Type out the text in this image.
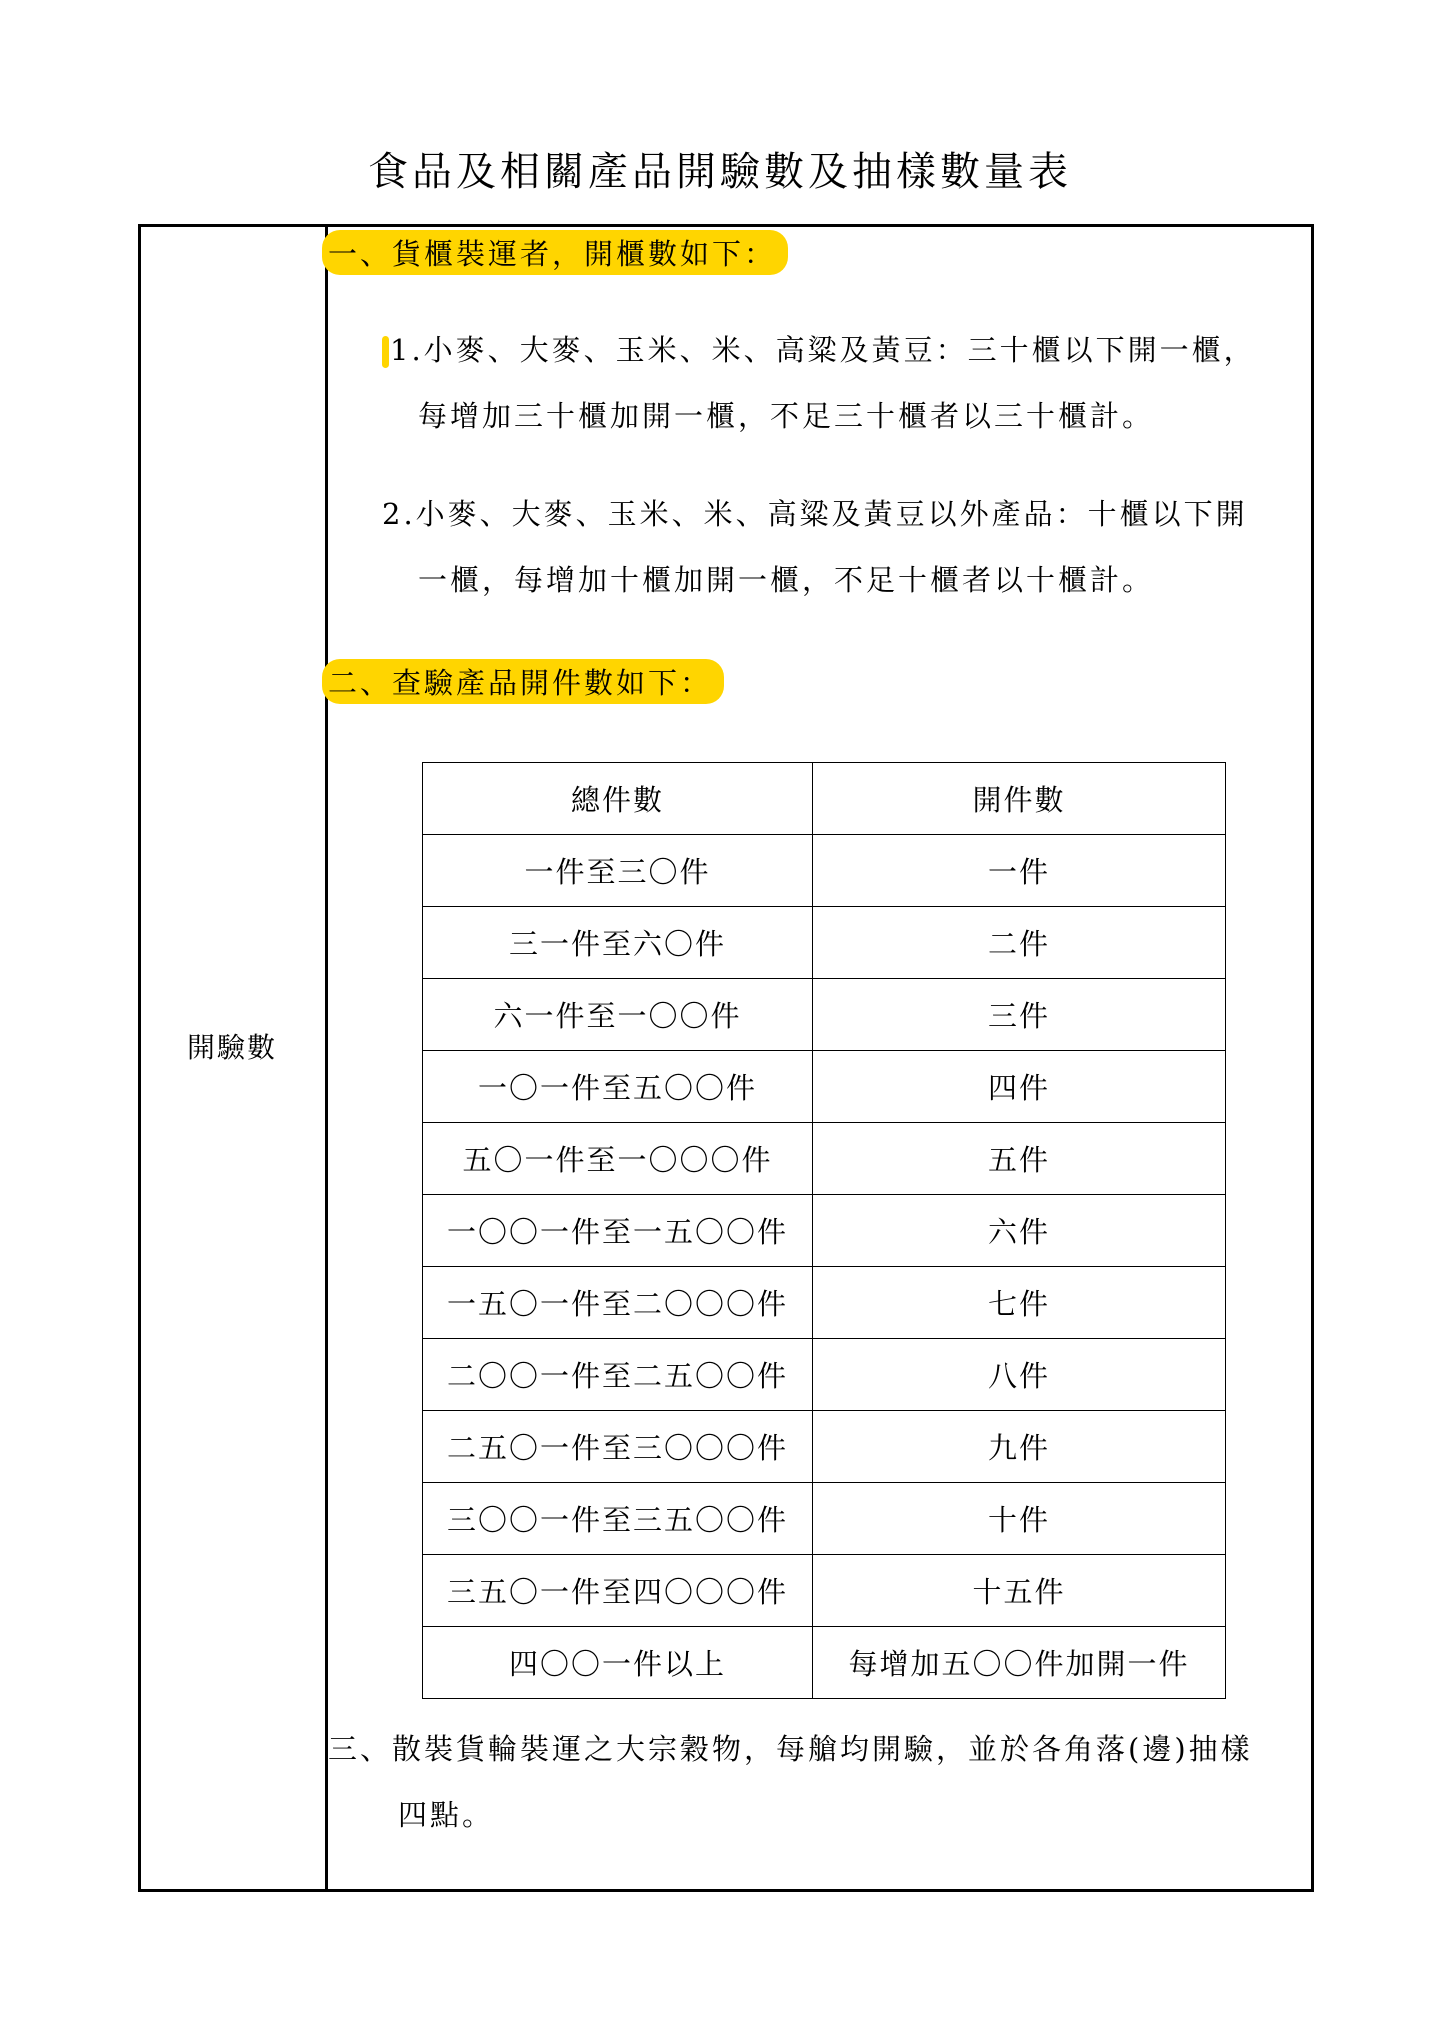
食品及相關產品開驗數及抽樣數量表
開驗數
一、貨櫃裝運者，開櫃數如下：
1.小麥、大麥、玉米、米、高粱及黃豆：三十櫃以下開一櫃，
每增加三十櫃加開一櫃，不足三十櫃者以三十櫃計。
2.小麥、大麥、玉米、米、高粱及黃豆以外產品：十櫃以下開
一櫃，每增加十櫃加開一櫃，不足十櫃者以十櫃計。
二、查驗產品開件數如下：
總件數	開件數
一件至三〇件	一件
三一件至六〇件	二件
六一件至一〇〇件	三件
一〇一件至五〇〇件	四件
五〇一件至一〇〇〇件	五件
一〇〇一件至一五〇〇件	六件
一五〇一件至二〇〇〇件	七件
二〇〇一件至二五〇〇件	八件
二五〇一件至三〇〇〇件	九件
三〇〇一件至三五〇〇件	十件
三五〇一件至四〇〇〇件	十五件
四〇〇一件以上	每增加五〇〇件加開一件
三、散裝貨輪裝運之大宗穀物，每艙均開驗，並於各角落(邊)抽樣
四點。
